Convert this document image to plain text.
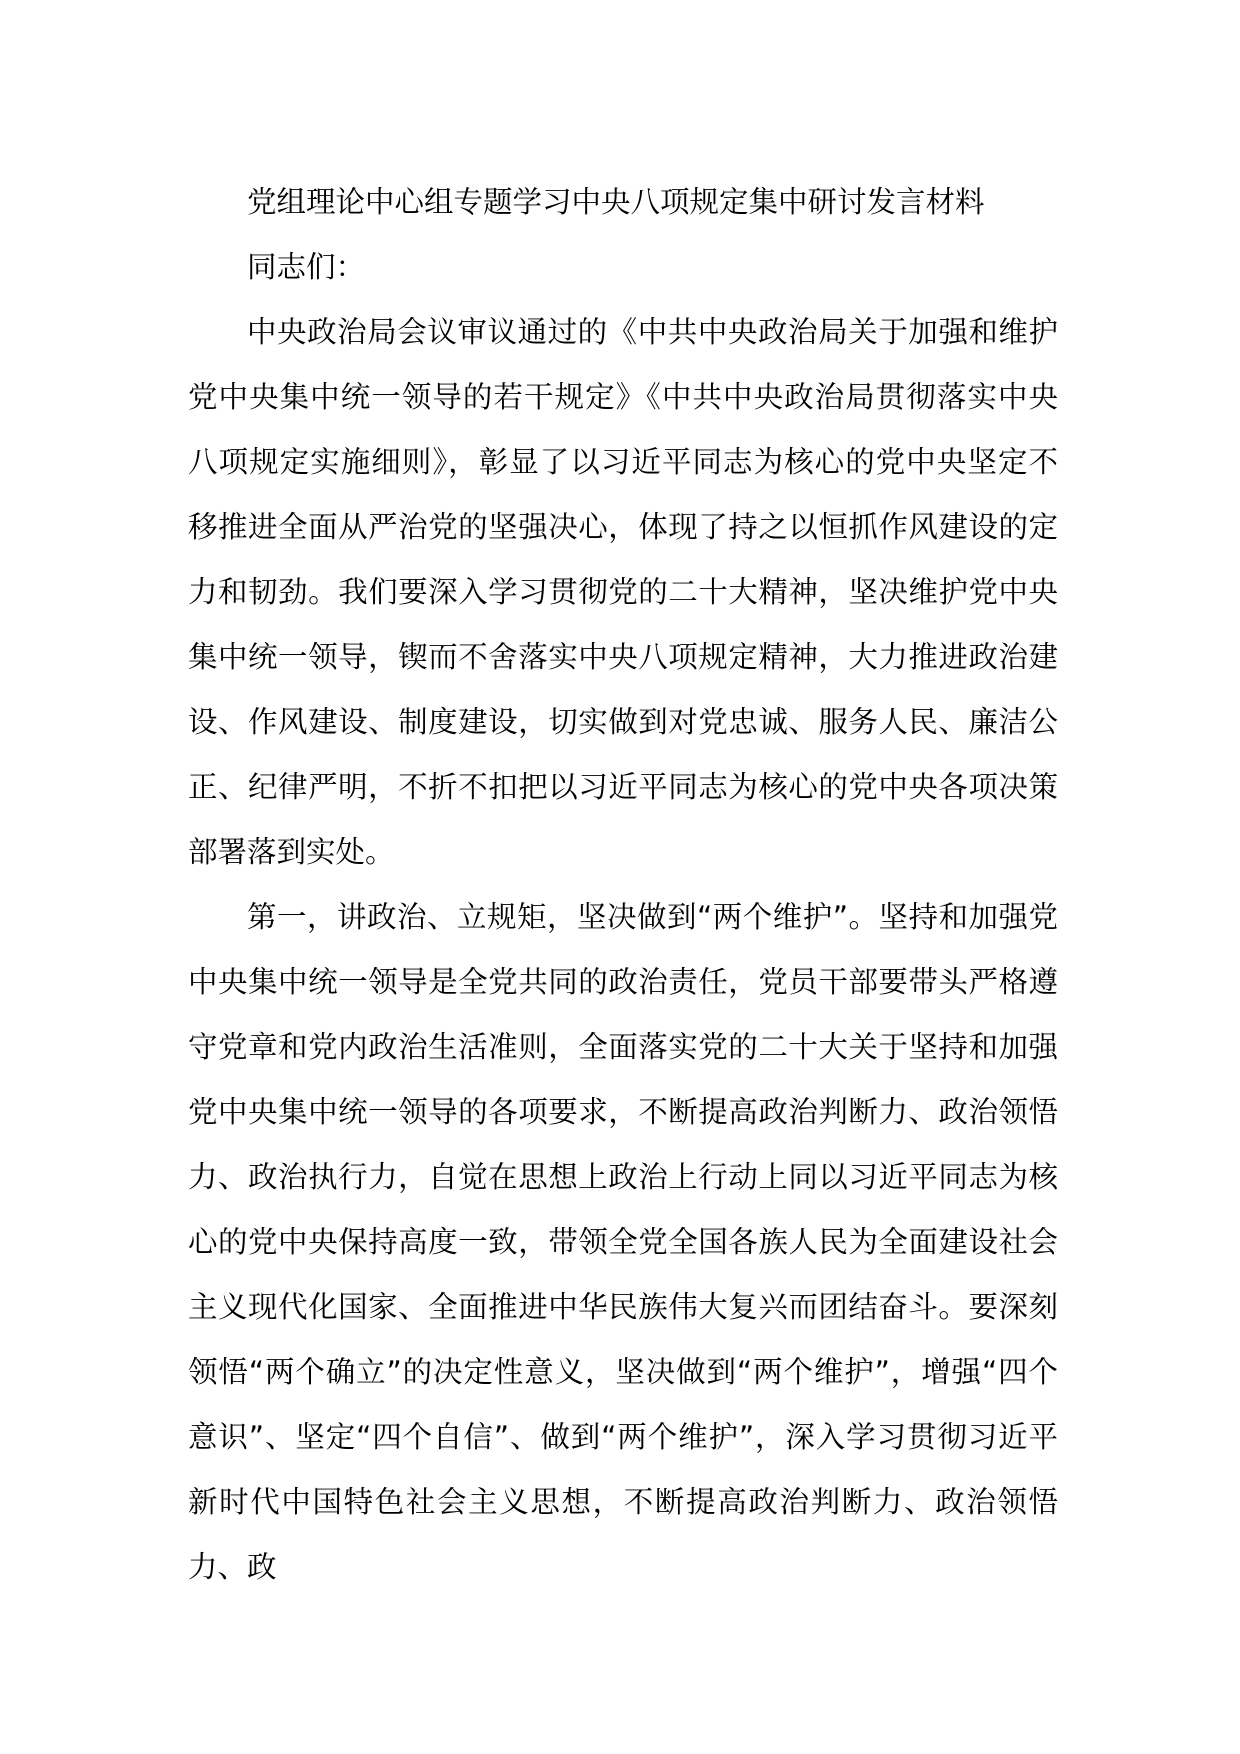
党组理论中心组专题学习中央八项规定集中研讨发言材料

同志们：

中央政治局会议审议通过的《中共中央政治局关于加强和维护党中央集中统一领导的若干规定》《中共中央政治局贯彻落实中央八项规定实施细则》，彰显了以习近平同志为核心的党中央坚定不移推进全面从严治党的坚强决心，体现了持之以恒抓作风建设的定力和韧劲。我们要深入学习贯彻党的二十大精神，坚决维护党中央集中统一领导，锲而不舍落实中央八项规定精神，大力推进政治建设、作风建设、制度建设，切实做到对党忠诚、服务人民、廉洁公正、纪律严明，不折不扣把以习近平同志为核心的党中央各项决策部署落到实处。

第一，讲政治、立规矩，坚决做到“两个维护”。坚持和加强党中央集中统一领导是全党共同的政治责任，党员干部要带头严格遵守党章和党内政治生活准则，全面落实党的二十大关于坚持和加强党中央集中统一领导的各项要求，不断提高政治判断力、政治领悟力、政治执行力，自觉在思想上政治上行动上同以习近平同志为核心的党中央保持高度一致，带领全党全国各族人民为全面建设社会主义现代化国家、全面推进中华民族伟大复兴而团结奋斗。要深刻领悟“两个确立”的决定性意义，坚决做到“两个维护”，增强“四个意识”、坚定“四个自信”、做到“两个维护”，深入学习贯彻习近平新时代中国特色社会主义思想，不断提高政治判断力、政治领悟力、政
